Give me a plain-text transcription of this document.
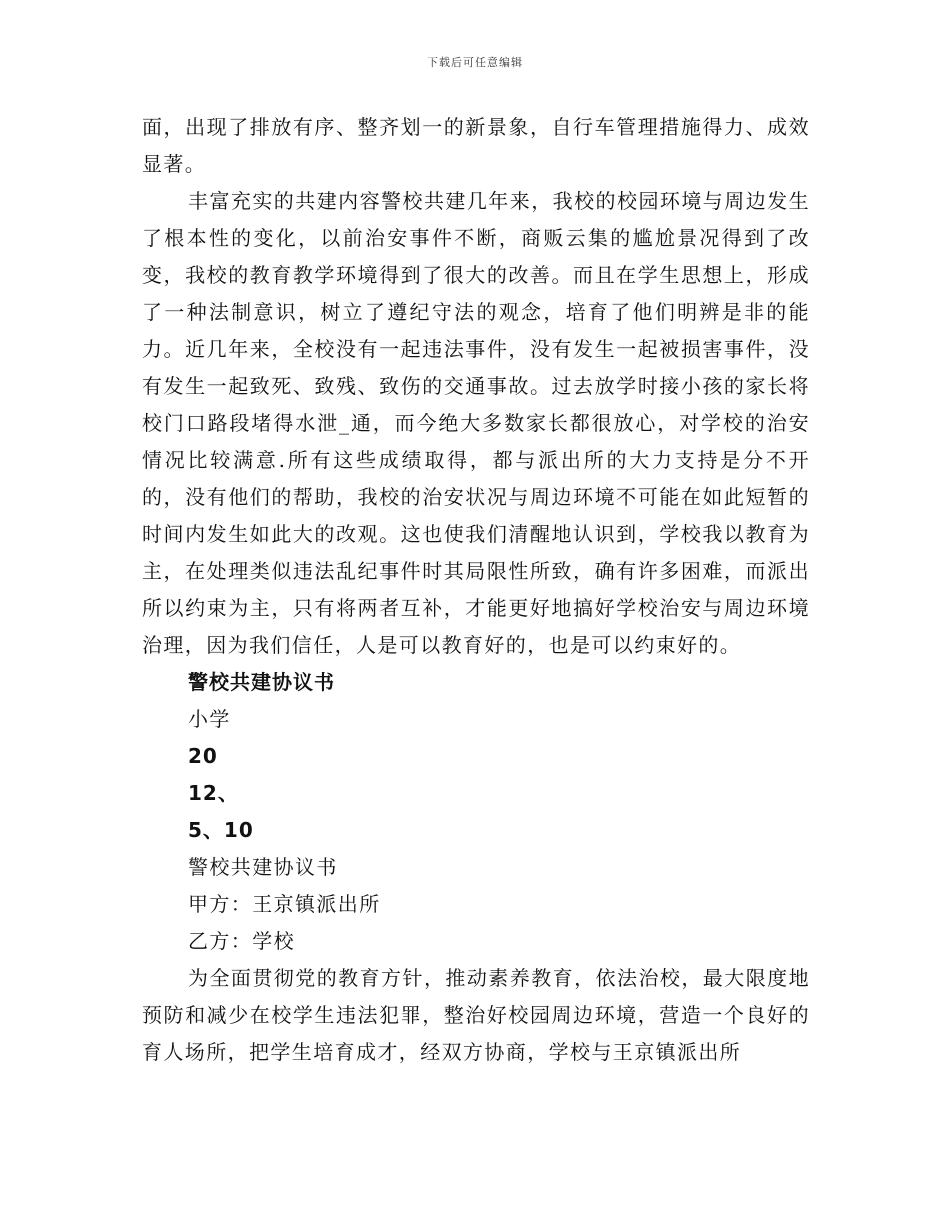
下载后可任意编辑

面，出现了排放有序、整齐划一的新景象，自行车管理措施得力、成效显著。

丰富充实的共建内容警校共建几年来，我校的校园环境与周边发生了根本性的变化，以前治安事件不断，商贩云集的尴尬景况得到了改变，我校的教育教学环境得到了很大的改善。而且在学生思想上，形成了一种法制意识，树立了遵纪守法的观念，培育了他们明辨是非的能力。近几年来，全校没有一起违法事件，没有发生一起被损害事件，没有发生一起致死、致残、致伤的交通事故。过去放学时接小孩的家长将校门口路段堵得水泄_通，而今绝大多数家长都很放心，对学校的治安情况比较满意.所有这些成绩取得，都与派出所的大力支持是分不开的，没有他们的帮助，我校的治安状况与周边环境不可能在如此短暂的时间内发生如此大的改观。这也使我们清醒地认识到，学校我以教育为主，在处理类似违法乱纪事件时其局限性所致，确有许多困难，而派出所以约束为主，只有将两者互补，才能更好地搞好学校治安与周边环境治理，因为我们信任，人是可以教育好的，也是可以约束好的。

警校共建协议书

小学

20

12、

5、10

警校共建协议书

甲方：王京镇派出所

乙方：学校

为全面贯彻党的教育方针，推动素养教育，依法治校，最大限度地预防和减少在校学生违法犯罪，整治好校园周边环境，营造一个良好的育人场所，把学生培育成才，经双方协商，学校与王京镇派出所
